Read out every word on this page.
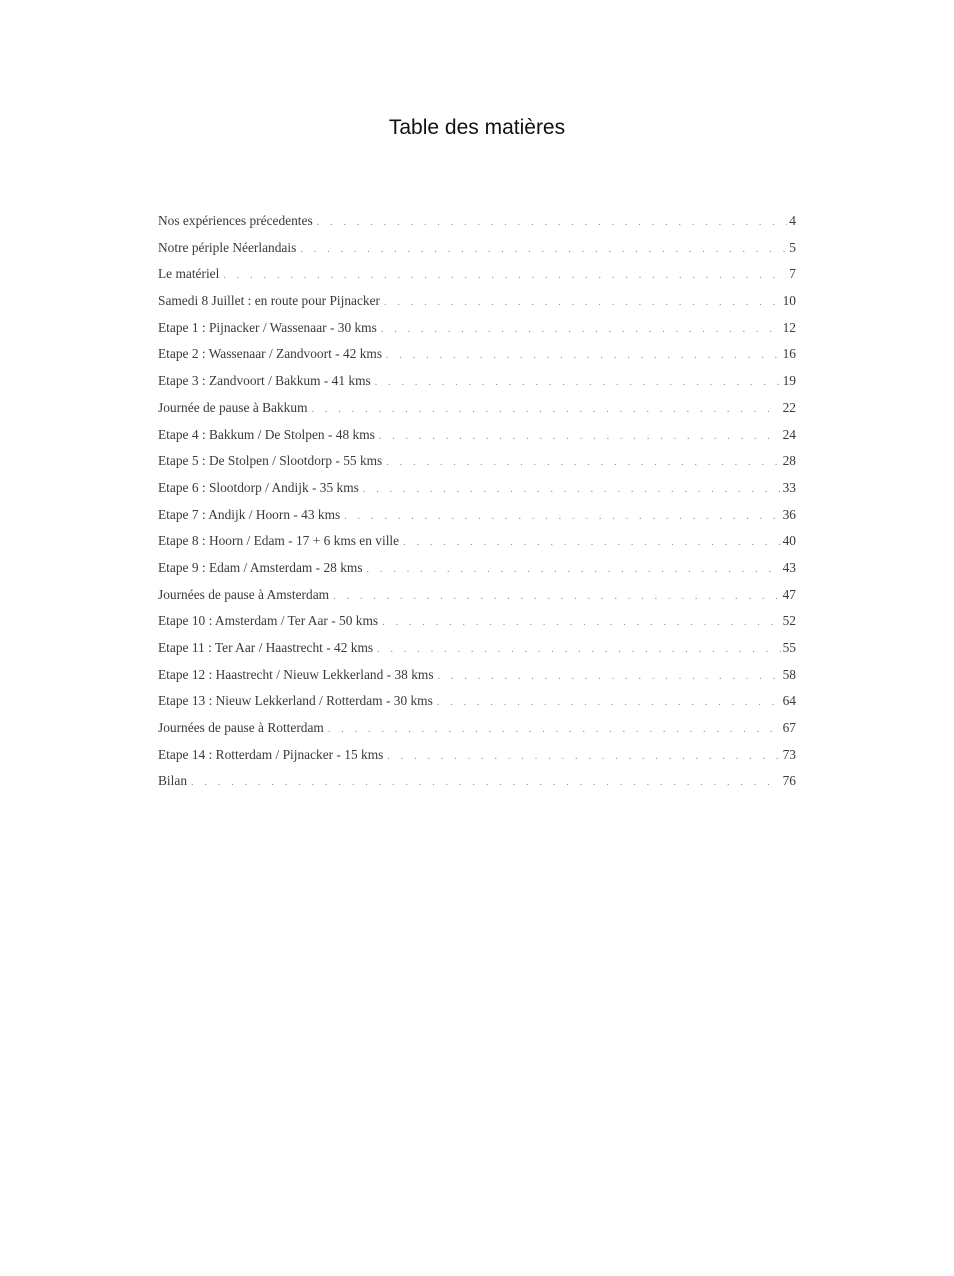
Table des matières
Nos expériences précedentes . . .	4
Notre périple Néerlandais . . .	5
Le matériel . . .	7
Samedi 8 Juillet : en route pour Pijnacker . . .	10
Etape 1 : Pijnacker / Wassenaar - 30 kms . . .	12
Etape 2 : Wassenaar / Zandvoort - 42 kms . . .	16
Etape 3 : Zandvoort / Bakkum - 41 kms . . .	19
Journée de pause à Bakkum . . .	22
Etape 4 : Bakkum / De Stolpen - 48 kms . . .	24
Etape 5 : De Stolpen / Slootdorp - 55 kms . . .	28
Etape 6 : Slootdorp / Andijk - 35 kms . . .	33
Etape 7 : Andijk / Hoorn - 43 kms . . .	36
Etape 8 : Hoorn / Edam - 17 + 6 kms en ville . . .	40
Etape 9 : Edam / Amsterdam - 28 kms . . .	43
Journées de pause à Amsterdam . . .	47
Etape 10 : Amsterdam / Ter Aar - 50 kms . . .	52
Etape 11 : Ter Aar / Haastrecht - 42 kms . . .	55
Etape 12 : Haastrecht / Nieuw Lekkerland - 38 kms . . .	58
Etape 13 : Nieuw Lekkerland / Rotterdam - 30 kms . . .	64
Journées de pause à Rotterdam . . .	67
Etape 14 : Rotterdam / Pijnacker - 15 kms . . .	73
Bilan . . .	76
